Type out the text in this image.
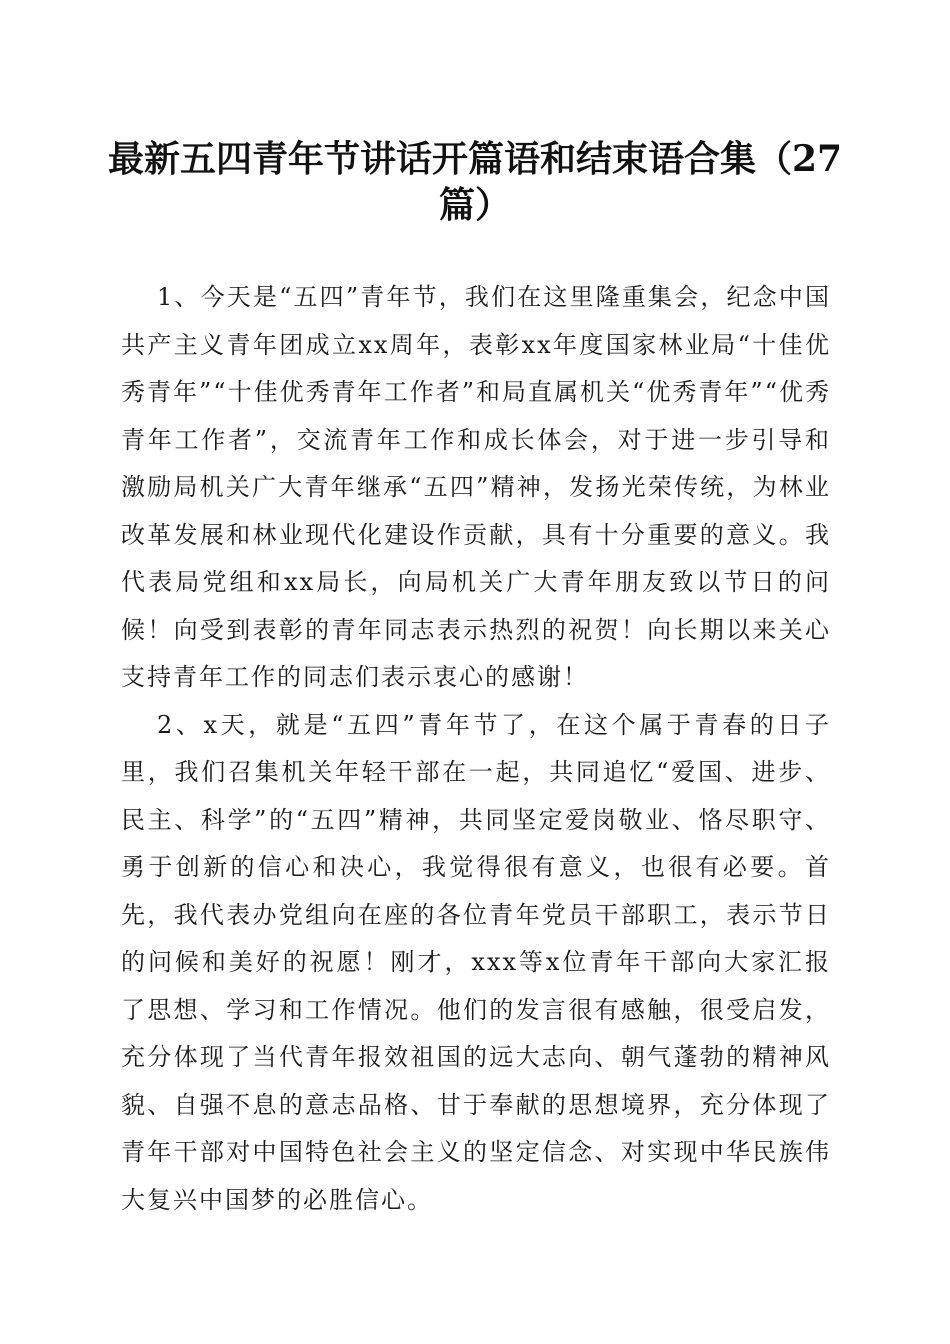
最新五四青年节讲话开篇语和结束语合集（27篇）

1、今天是“五四”青年节，我们在这里隆重集会，纪念中国共产主义青年团成立xx周年，表彰xx年度国家林业局“十佳优秀青年”“十佳优秀青年工作者”和局直属机关“优秀青年”“优秀青年工作者”，交流青年工作和成长体会，对于进一步引导和激励局机关广大青年继承“五四”精神，发扬光荣传统，为林业改革发展和林业现代化建设作贡献，具有十分重要的意义。我代表局党组和xx局长，向局机关广大青年朋友致以节日的问候！向受到表彰的青年同志表示热烈的祝贺！向长期以来关心支持青年工作的同志们表示衷心的感谢！

2、x天，就是“五四”青年节了，在这个属于青春的日子里，我们召集机关年轻干部在一起，共同追忆“爱国、进步、民主、科学”的“五四”精神，共同坚定爱岗敬业、恪尽职守、勇于创新的信心和决心，我觉得很有意义，也很有必要。首先，我代表办党组向在座的各位青年党员干部职工，表示节日的问候和美好的祝愿！刚才，xxx等x位青年干部向大家汇报了思想、学习和工作情况。他们的发言很有感触，很受启发，充分体现了当代青年报效祖国的远大志向、朝气蓬勃的精神风貌、自强不息的意志品格、甘于奉献的思想境界，充分体现了青年干部对中国特色社会主义的坚定信念、对实现中华民族伟大复兴中国梦的必胜信心。
